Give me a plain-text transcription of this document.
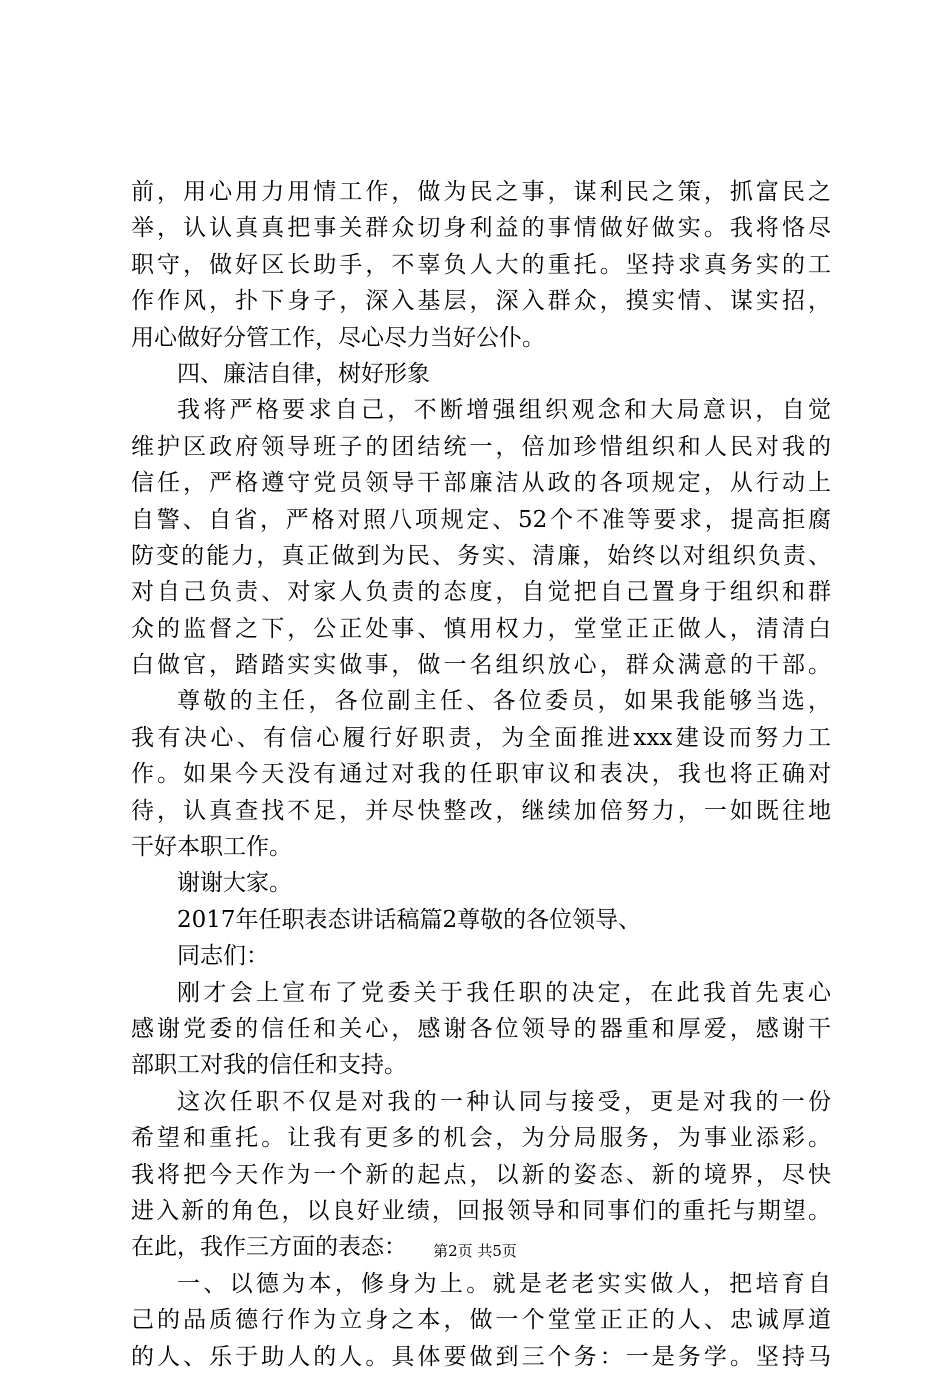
前，用心用力用情工作，做为民之事，谋利民之策，抓富民之
举，认认真真把事关群众切身利益的事情做好做实。我将恪尽
职守，做好区长助手，不辜负人大的重托。坚持求真务实的工
作作风，扑下身子，深入基层，深入群众，摸实情、谋实招，
用心做好分管工作，尽心尽力当好公仆。
四、廉洁自律，树好形象
我将严格要求自己，不断增强组织观念和大局意识，自觉
维护区政府领导班子的团结统一，倍加珍惜组织和人民对我的
信任，严格遵守党员领导干部廉洁从政的各项规定，从行动上
自警、自省，严格对照八项规定、52个不准等要求，提高拒腐
防变的能力，真正做到为民、务实、清廉，始终以对组织负责、
对自己负责、对家人负责的态度，自觉把自己置身于组织和群
众的监督之下，公正处事、慎用权力，堂堂正正做人，清清白
白做官，踏踏实实做事，做一名组织放心，群众满意的干部。
尊敬的主任，各位副主任、各位委员，如果我能够当选，
我有决心、有信心履行好职责，为全面推进xxx建设而努力工
作。如果今天没有通过对我的任职审议和表决，我也将正确对
待，认真查找不足，并尽快整改，继续加倍努力，一如既往地
干好本职工作。
谢谢大家。
2017年任职表态讲话稿篇2尊敬的各位领导、
同志们：
刚才会上宣布了党委关于我任职的决定，在此我首先衷心
感谢党委的信任和关心，感谢各位领导的器重和厚爱，感谢干
部职工对我的信任和支持。
这次任职不仅是对我的一种认同与接受，更是对我的一份
希望和重托。让我有更多的机会，为分局服务，为事业添彩。
我将把今天作为一个新的起点，以新的姿态、新的境界，尽快
进入新的角色，以良好业绩，回报领导和同事们的重托与期望。
在此，我作三方面的表态：
一、以德为本，修身为上。就是老老实实做人，把培育自
己的品质德行作为立身之本，做一个堂堂正正的人、忠诚厚道
的人、乐于助人的人。具体要做到三个务：一是务学。坚持马
第2页 共5页
